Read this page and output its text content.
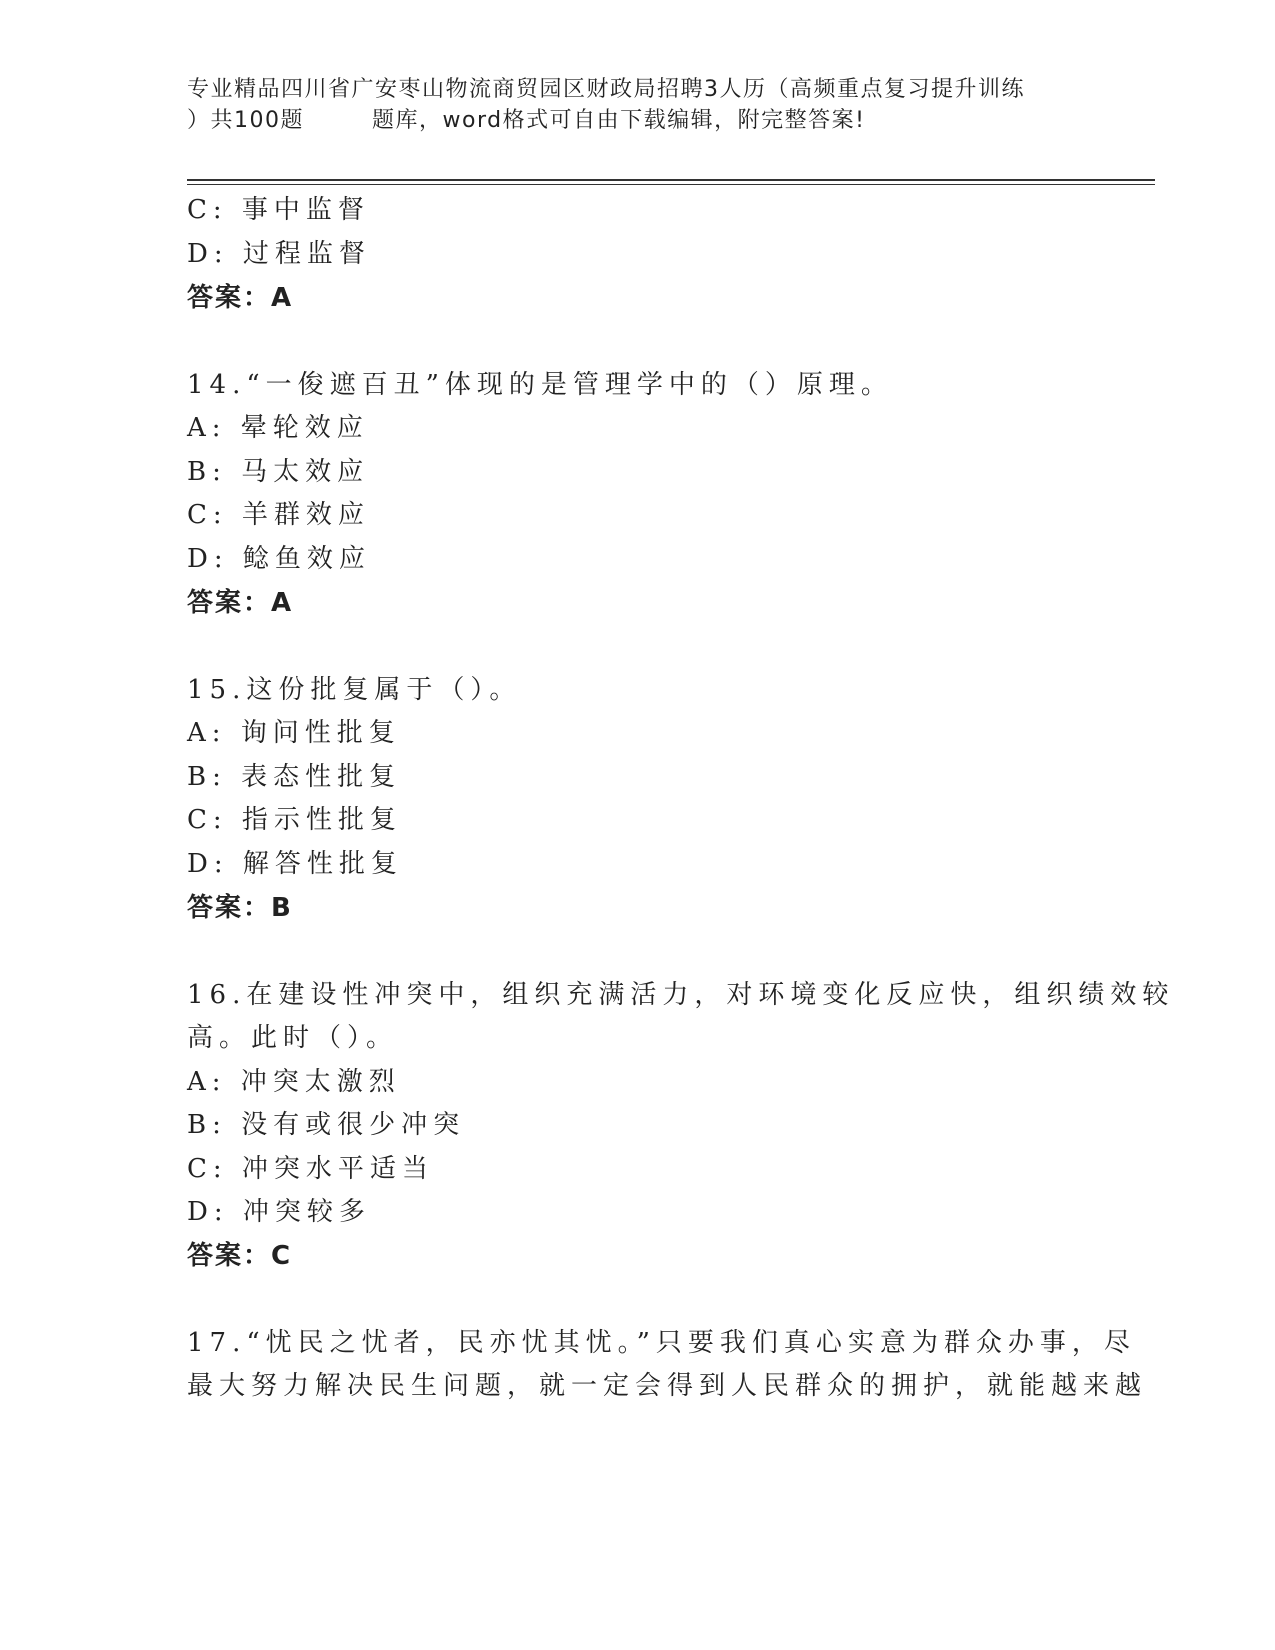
专业精品四川省广安枣山物流商贸园区财政局招聘3人历（高频重点复习提升训练
）共100题	题库，word格式可自由下载编辑，附完整答案!
C: 事中监督
D: 过程监督
答案：A
14.“一俊遮百丑”体现的是管理学中的（）原理。
A: 晕轮效应
B: 马太效应
C: 羊群效应
D: 鲶鱼效应
答案：A
15.这份批复属于（）。
A: 询问性批复
B: 表态性批复
C: 指示性批复
D: 解答性批复
答案：B
16.在建设性冲突中，组织充满活力，对环境变化反应快，组织绩效较
高。此时（）。
A: 冲突太激烈
B: 没有或很少冲突
C: 冲突水平适当
D: 冲突较多
答案：C
17.“忧民之忧者，民亦忧其忧。”只要我们真心实意为群众办事，尽
最大努力解决民生问题，就一定会得到人民群众的拥护，就能越来越
